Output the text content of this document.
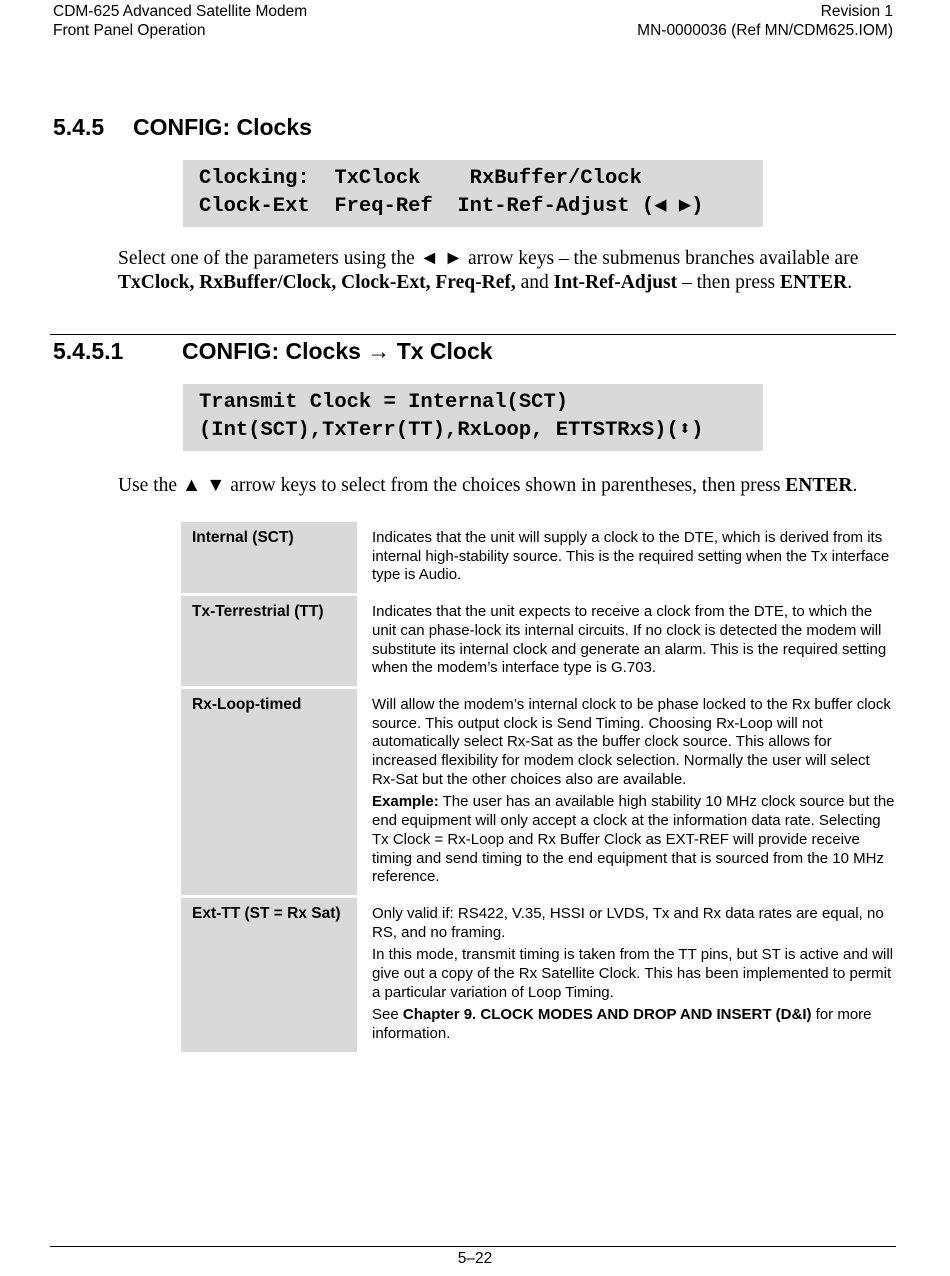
CDM-625 Advanced Satellite Modem
Front Panel Operation
Revision 1
MN-0000036 (Ref MN/CDM625.IOM)
5.4.5 CONFIG: Clocks
Clocking:  TxClock    RxBuffer/Clock
Clock-Ext  Freq-Ref  Int-Ref-Adjust (◀ ▶)
Select one of the parameters using the ◄ ► arrow keys – the submenus branches available are TxClock, RxBuffer/Clock, Clock-Ext, Freq-Ref, and Int-Ref-Adjust – then press ENTER.
5.4.5.1	CONFIG: Clocks → Tx Clock
Transmit Clock = Internal(SCT)
(Int(SCT),TxTerr(TT),RxLoop, ETTSTRxS)(⬍)
Use the ▲ ▼ arrow keys to select from the choices shown in parentheses, then press ENTER.
Internal (SCT)	Indicates that the unit will supply a clock to the DTE, which is derived from its internal high-stability source. This is the required setting when the Tx interface type is Audio.

Tx-Terrestrial (TT)	Indicates that the unit expects to receive a clock from the DTE, to which the unit can phase-lock its internal circuits. If no clock is detected the modem will substitute its internal clock and generate an alarm. This is the required setting when the modem’s interface type is G.703.

Rx-Loop-timed	Will allow the modem’s internal clock to be phase locked to the Rx buffer clock source. This output clock is Send Timing. Choosing Rx-Loop will not automatically select Rx-Sat as the buffer clock source. This allows for increased flexibility for modem clock selection. Normally the user will select Rx-Sat but the other choices also are available.
Example: The user has an available high stability 10 MHz clock source but the end equipment will only accept a clock at the information data rate. Selecting Tx Clock = Rx-Loop and Rx Buffer Clock as EXT-REF will provide receive timing and send timing to the end equipment that is sourced from the 10 MHz reference.

Ext-TT (ST = Rx Sat)	Only valid if: RS422, V.35, HSSI or LVDS, Tx and Rx data rates are equal, no RS, and no framing.
In this mode, transmit timing is taken from the TT pins, but ST is active and will give out a copy of the Rx Satellite Clock. This has been implemented to permit a particular variation of Loop Timing.
See Chapter 9. CLOCK MODES AND DROP AND INSERT (D&I) for more information.
5–22
